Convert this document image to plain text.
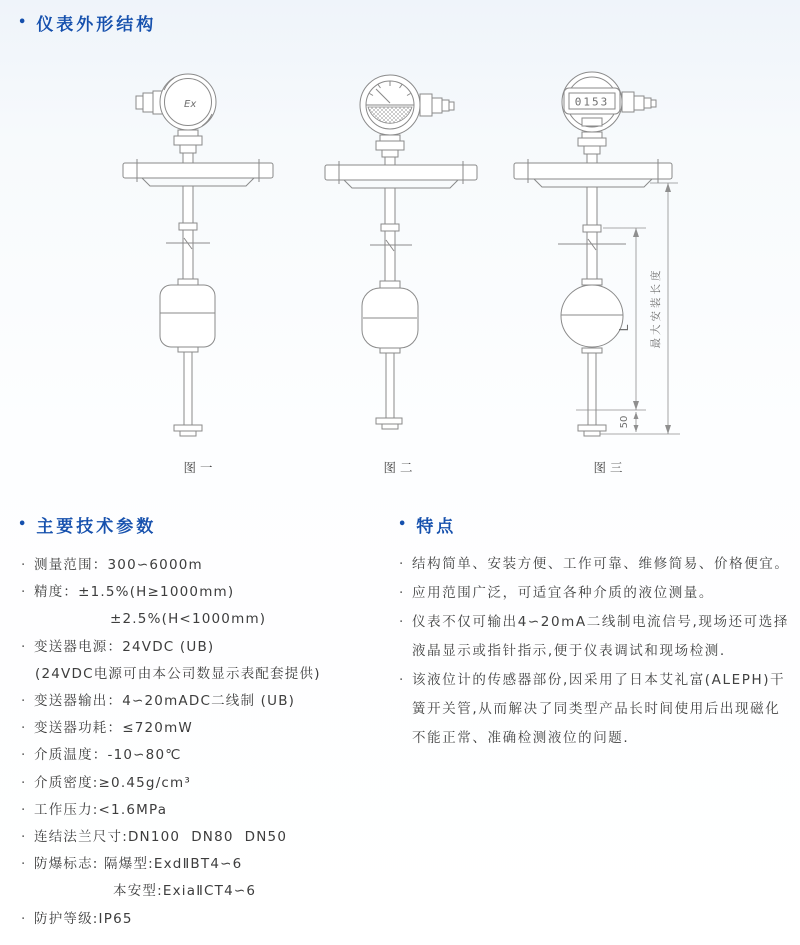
• 仪表外形结构
Ex
图一	图二
0153
L
50
最大安装长度
图三
• 主要技术参数
· 测量范围：300∽6000m
· 精度：±1.5%(H≥1000mm)
±2.5%(H<1000mm)
· 变送器电源：24VDC (UB)
(24VDC电源可由本公司数显示表配套提供)
· 变送器输出：4∽20mADC二线制 (UB)
· 变送器功耗：≤720mW
· 介质温度：-10∽80℃
· 介质密度:≥0.45g/cm³
· 工作压力:<1.6MPa
· 连结法兰尺寸:DN100  DN80  DN50
· 防爆标志: 隔爆型:ExdⅡBT4∽6
本安型:ExiaⅡCT4∽6
· 防护等级:IP65
• 特点

· 结构简单、安装方便、工作可靠、维修简易、价格便宜。

· 应用范围广泛，可适宜各种介质的液位测量。

· 仪表不仅可输出4∽20mA二线制电流信号,现场还可选择液晶显示或指针指示,便于仪表调试和现场检测.

· 该液位计的传感器部份,因采用了日本艾礼富(ALEPH)干簧开关管,从而解决了同类型产品长时间使用后出现磁化不能正常、准确检测液位的问题.
